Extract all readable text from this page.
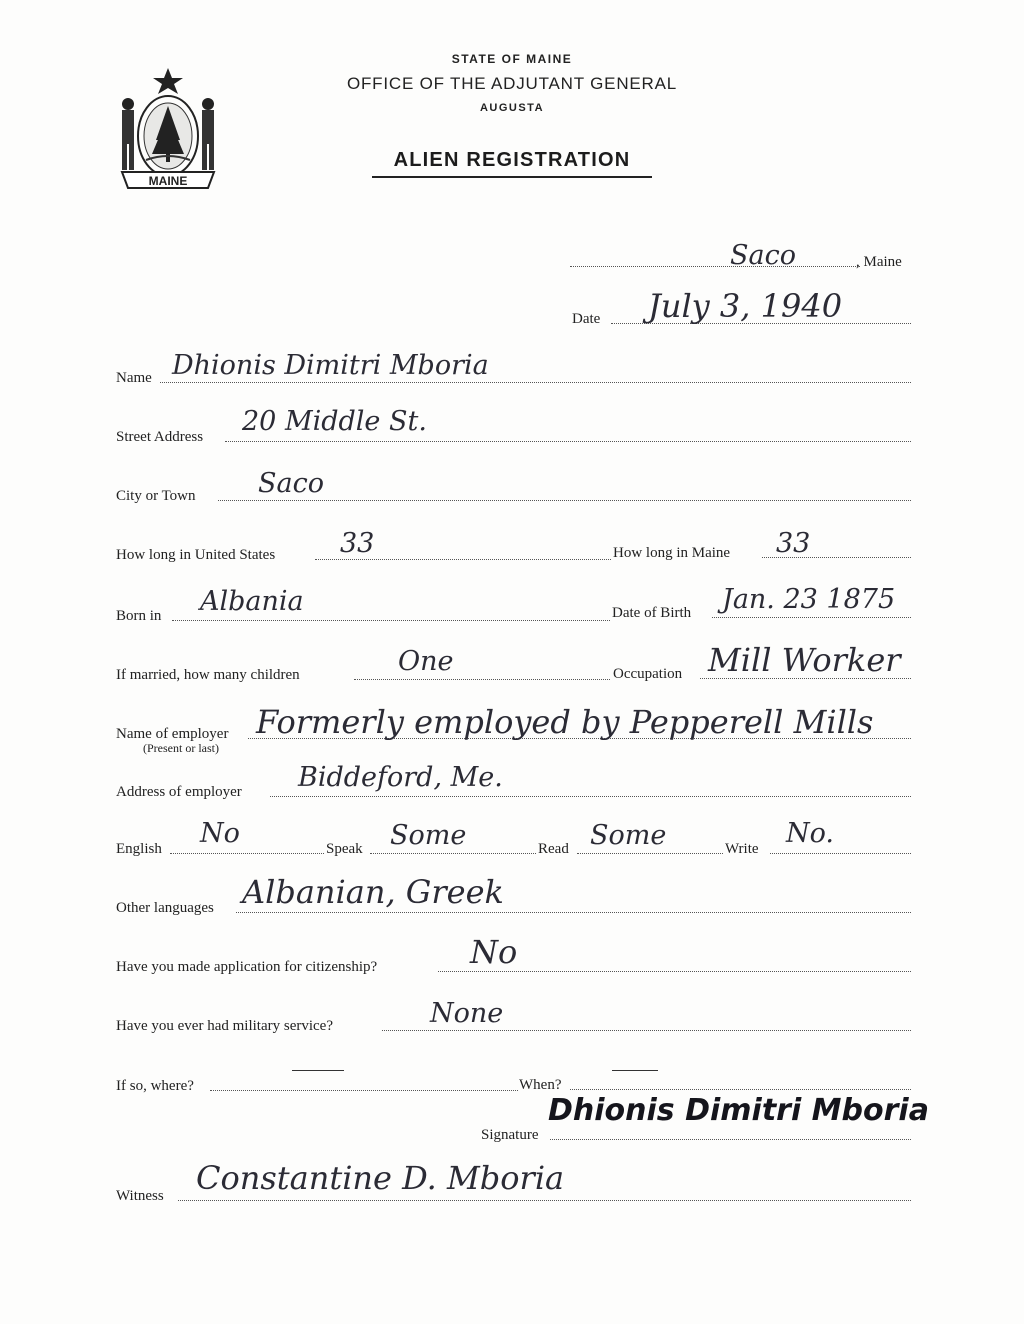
MAINE
STATE OF MAINE
OFFICE OF THE ADJUTANT GENERAL
AUGUSTA
ALIEN REGISTRATION
Saco	, Maine
Date July 3, 1940
Name Dhionis Dimitri Mboria
Street Address 20 Middle St.
City or Town Saco
How long in United States 33	How long in Maine 33
Born in Albania	Date of Birth Jan. 23 1875
If married, how many children	One	Occupation Mill Worker
Name of employer
(Present or last)
Formerly employed by Pepperell Mills
Address of employer Biddeford, Me.
English No	Speak Some	Read Some	Write No.
Other languages Albanian, Greek
Have you made application for citizenship?	No
Have you ever had military service?	None
If so, where?	When?
Signature
Dhionis Dimitri Mboria
Witness Constantine D. Mboria
